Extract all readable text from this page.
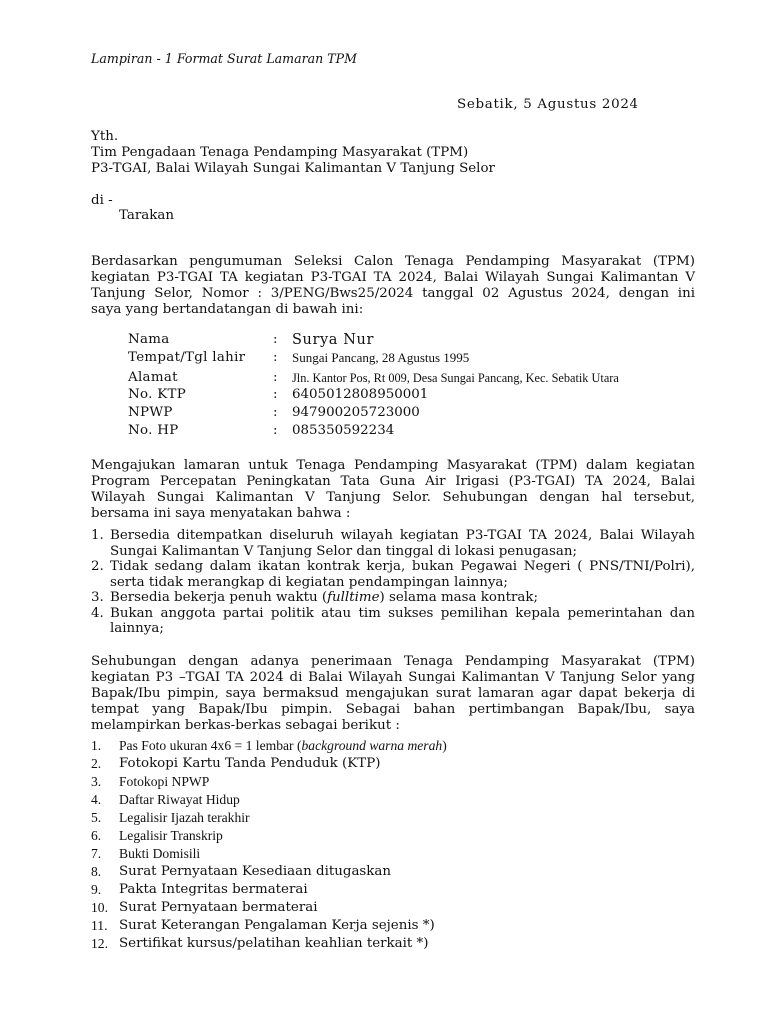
Lampiran - 1 Format Surat Lamaran TPM
Sebatik, 5 Agustus 2024
Yth.
Tim Pengadaan Tenaga Pendamping Masyarakat (TPM)
P3-TGAI, Balai Wilayah Sungai Kalimantan V Tanjung Selor
di -
Tarakan
Berdasarkan pengumuman Seleksi Calon Tenaga Pendamping Masyarakat (TPM)
kegiatan P3-TGAI TA kegiatan P3-TGAI TA 2024, Balai Wilayah Sungai Kalimantan V
Tanjung Selor, Nomor : 3/PENG/Bws25/2024 tanggal 02 Agustus 2024, dengan ini
saya yang bertandatangan di bawah ini:
Nama	: Surya Nur
Tempat/Tgl lahir : Sungai Pancang, 28 Agustus 1995
Alamat	: Jln. Kantor Pos, Rt 009, Desa Sungai Pancang, Kec. Sebatik Utara
No. KTP	: 6405012808950001
NPWP	: 947900205723000
No. HP	: 085350592234
Mengajukan lamaran untuk Tenaga Pendamping Masyarakat (TPM) dalam kegiatan
Program Percepatan Peningkatan Tata Guna Air Irigasi (P3-TGAI) TA 2024, Balai
Wilayah Sungai Kalimantan V Tanjung Selor. Sehubungan dengan hal tersebut,
bersama ini saya menyatakan bahwa :
1. Bersedia ditempatkan diseluruh wilayah kegiatan P3-TGAI TA 2024, Balai Wilayah
Sungai Kalimantan V Tanjung Selor dan tinggal di lokasi penugasan;
2. Tidak sedang dalam ikatan kontrak kerja, bukan Pegawai Negeri ( PNS/TNI/Polri),
serta tidak merangkap di kegiatan pendampingan lainnya;
3. Bersedia bekerja penuh waktu (fulltime) selama masa kontrak;
4. Bukan anggota partai politik atau tim sukses pemilihan kepala pemerintahan dan
lainnya;
Sehubungan dengan adanya penerimaan Tenaga Pendamping Masyarakat (TPM)
kegiatan P3 –TGAI TA 2024 di Balai Wilayah Sungai Kalimantan V Tanjung Selor yang
Bapak/Ibu pimpin, saya bermaksud mengajukan surat lamaran agar dapat bekerja di
tempat yang Bapak/Ibu pimpin. Sebagai bahan pertimbangan Bapak/Ibu, saya
melampirkan berkas-berkas sebagai berikut :
1. Pas Foto ukuran 4x6 = 1 lembar (background warna merah)
2. Fotokopi Kartu Tanda Penduduk (KTP)
3. Fotokopi NPWP
4. Daftar Riwayat Hidup
5. Legalisir Ijazah terakhir
6. Legalisir Transkrip
7. Bukti Domisili
8. Surat Pernyataan Kesediaan ditugaskan
9. Pakta Integritas bermaterai
10. Surat Pernyataan bermaterai
11. Surat Keterangan Pengalaman Kerja sejenis *)
12. Sertifikat kursus/pelatihan keahlian terkait *)
